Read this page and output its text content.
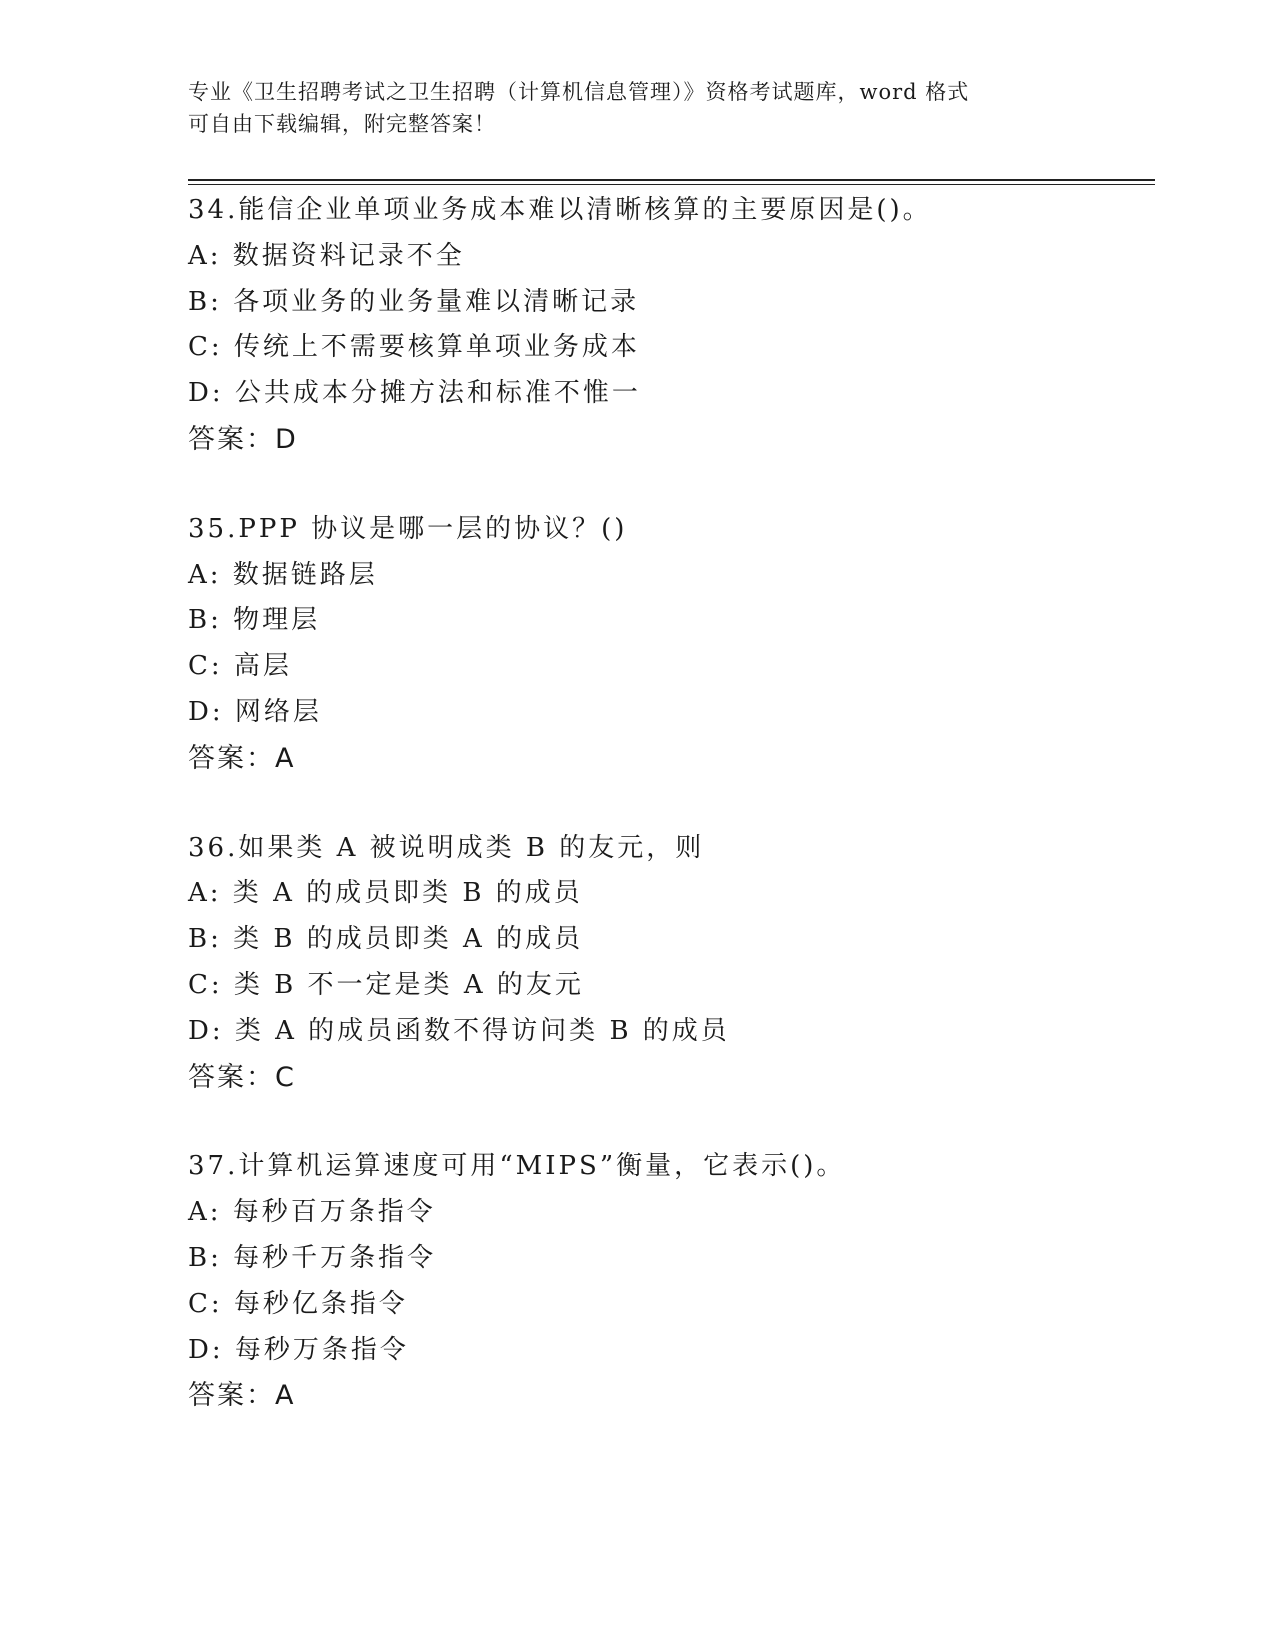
专业《卫生招聘考试之卫生招聘（计算机信息管理）》资格考试题库，word 格式
可自由下载编辑，附完整答案！
34.能信企业单项业务成本难以清晰核算的主要原因是()。
A: 数据资料记录不全
B: 各项业务的业务量难以清晰记录
C: 传统上不需要核算单项业务成本
D: 公共成本分摊方法和标准不惟一
答案：D
35.PPP 协议是哪一层的协议？()
A: 数据链路层
B: 物理层
C: 高层
D: 网络层
答案：A
36.如果类 A 被说明成类 B 的友元，则
A: 类 A 的成员即类 B 的成员
B: 类 B 的成员即类 A 的成员
C: 类 B 不一定是类 A 的友元
D: 类 A 的成员函数不得访问类 B 的成员
答案：C
37.计算机运算速度可用“MIPS”衡量，它表示()。
A: 每秒百万条指令
B: 每秒千万条指令
C: 每秒亿条指令
D: 每秒万条指令
答案：A
